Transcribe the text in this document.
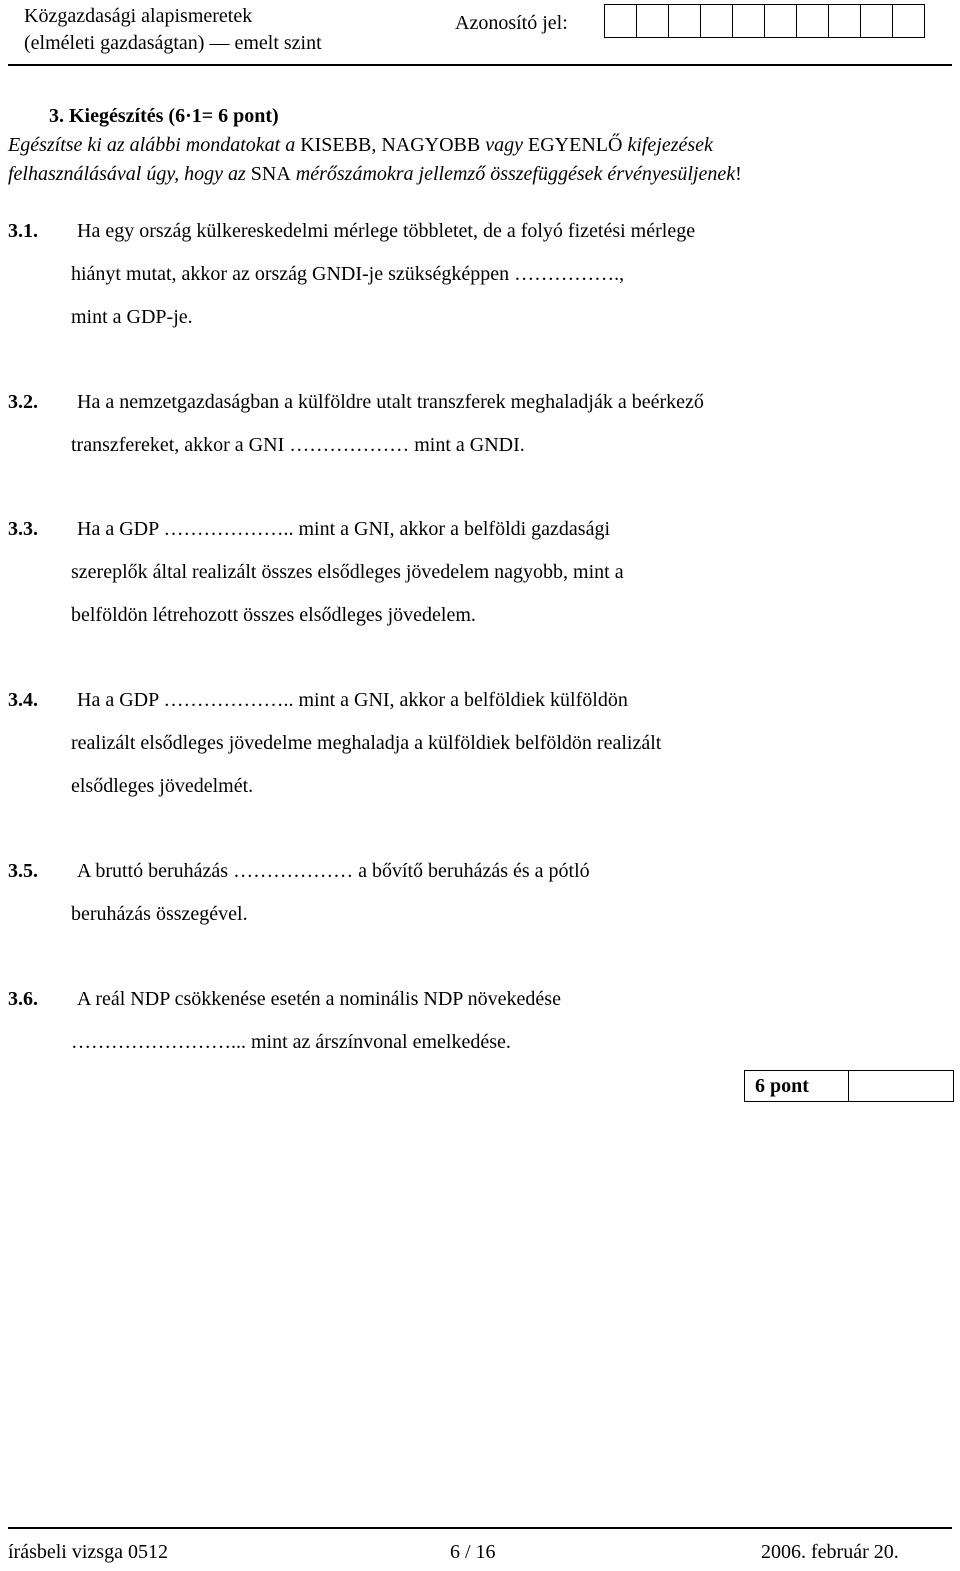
Közgazdasági alapismeretek
(elméleti gazdaságtan) — emelt szint
Azonosító jel:
3. Kiegészítés (6·1= 6 pont)
Egészítse ki az alábbi mondatokat a KISEBB, NAGYOBB vagy EGYENLŐ kifejezések
felhasználásával úgy, hogy az SNA mérőszámokra jellemző összefüggések érvényesüljenek!
3.1. Ha egy ország külkereskedelmi mérlege többletet, de a folyó fizetési mérlege
hiányt mutat, akkor az ország GNDI-je szükségképpen …………….,
mint a GDP-je.
3.2. Ha a nemzetgazdaságban a külföldre utalt transzferek meghaladják a beérkező
transzfereket, akkor a GNI ……………… mint a GNDI.
3.3. Ha a GDP ……………….. mint a GNI, akkor a belföldi gazdasági
szereplők által realizált összes elsődleges jövedelem nagyobb, mint a
belföldön létrehozott összes elsődleges jövedelem.
3.4. Ha a GDP ……………….. mint a GNI, akkor a belföldiek külföldön
realizált elsődleges jövedelme meghaladja a külföldiek belföldön realizált
elsődleges jövedelmét.
3.5. A bruttó beruházás ……………… a bővítő beruházás és a pótló
beruházás összegével.
3.6. A reál NDP csökkenése esetén a nominális NDP növekedése
……………………... mint az árszínvonal emelkedése.
6 pont
írásbeli vizsga 0512	6 / 16	2006. február 20.
